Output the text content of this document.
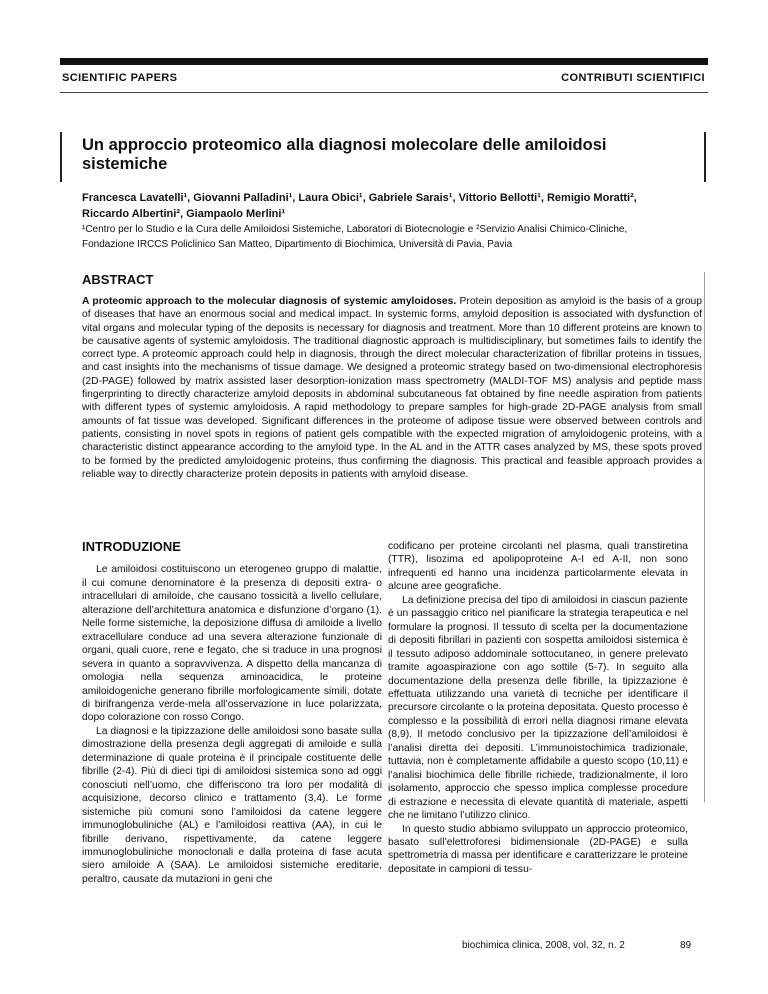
SCIENTIFIC PAPERS	CONTRIBUTI SCIENTIFICI
Un approccio proteomico alla diagnosi molecolare delle amiloidosi sistemiche
Francesca Lavatelli¹, Giovanni Palladini¹, Laura Obici¹, Gabriele Sarais¹, Vittorio Bellotti¹, Remigio Moratti²,
Riccardo Albertini², Giampaolo Merlini¹
¹Centro per lo Studio e la Cura delle Amiloidosi Sistemiche, Laboratori di Biotecnologie e ²Servizio Analisi Chimico-Cliniche,
Fondazione IRCCS Policlinico San Matteo, Dipartimento di Biochimica, Università di Pavia, Pavia
ABSTRACT

A proteomic approach to the molecular diagnosis of systemic amyloidoses. Protein deposition as amyloid is the basis of a group of diseases that have an enormous social and medical impact. In systemic forms, amyloid deposition is associated with dysfunction of vital organs and molecular typing of the deposits is necessary for diagnosis and treatment. More than 10 different proteins are known to be causative agents of systemic amyloidosis. The traditional diagnostic approach is multidisciplinary, but sometimes fails to identify the correct type. A proteomic approach could help in diagnosis, through the direct molecular characterization of fibrillar proteins in tissues, and cast insights into the mechanisms of tissue damage. We designed a proteomic strategy based on two-dimensional electrophoresis (2D-PAGE) followed by matrix assisted laser desorption-ionization mass spectrometry (MALDI-TOF MS) analysis and peptide mass fingerprinting to directly characterize amyloid deposits in abdominal subcutaneous fat obtained by fine needle aspiration from patients with different types of systemic amyloidosis. A rapid methodology to prepare samples for high-grade 2D-PAGE analysis from small amounts of fat tissue was developed. Significant differences in the proteome of adipose tissue were observed between controls and patients, consisting in novel spots in regions of patient gels compatible with the expected migration of amyloidogenic proteins, with a characteristic distinct appearance according to the amyloid type. In the AL and in the ATTR cases analyzed by MS, these spots proved to be formed by the predicted amyloidogenic proteins, thus confirming the diagnosis. This practical and feasible approach provides a reliable way to directly characterize protein deposits in patients with amyloid disease.

INTRODUZIONE

Le amiloidosi costituiscono un eterogeneo gruppo di malattie, il cui comune denominatore è la presenza di depositi extra- o intracellulari di amiloide, che causano tossicità a livello cellulare, alterazione dell’architettura anatomica e disfunzione d’organo (1). Nelle forme sistemiche, la deposizione diffusa di amiloide a livello extracellulare conduce ad una severa alterazione funzionale di organi, quali cuore, rene e fegato, che si traduce in una prognosi severa in quanto a sopravvivenza. A dispetto della mancanza di omologia nella sequenza aminoacidica, le proteine amiloidogeniche generano fibrille morfologicamente simili, dotate di birifrangenza verde-mela all’osservazione in luce polarizzata, dopo colorazione con rosso Congo.

La diagnosi e la tipizzazione delle amiloidosi sono basate sulla dimostrazione della presenza degli aggregati di amiloide e sulla determinazione di quale proteina è il principale costituente delle fibrille (2-4). Più di dieci tipi di amiloidosi sistemica sono ad oggi conosciuti nell’uomo, che differiscono tra loro per modalità di acquisizione, decorso clinico e trattamento (3,4). Le forme sistemiche più comuni sono l’amiloidosi da catene leggere immunoglobuliniche (AL) e l’amiloidosi reattiva (AA), in cui le fibrille derivano, rispettivamente, da catene leggere immunoglobuliniche monoclonali e dalla proteina di fase acuta siero amiloide A (SAA). Le amiloidosi sistemiche ereditarie, peraltro, causate da mutazioni in geni che

codificano per proteine circolanti nel plasma, quali transtiretina (TTR), lisozima ed apolipoproteine A-I ed A-II, non sono infrequenti ed hanno una incidenza particolarmente elevata in alcune aree geografiche.

La definizione precisa del tipo di amiloidosi in ciascun paziente è un passaggio critico nel pianificare la strategia terapeutica e nel formulare la prognosi. Il tessuto di scelta per la documentazione di depositi fibrillari in pazienti con sospetta amiloidosi sistemica è il tessuto adiposo addominale sottocutaneo, in genere prelevato tramite agoaspirazione con ago sottile (5-7). In seguito alla documentazione della presenza delle fibrille, la tipizzazione è effettuata utilizzando una varietà di tecniche per identificare il precursore circolante o la proteina depositata. Questo processo è complesso e la possibilità di errori nella diagnosi rimane elevata (8,9). Il metodo conclusivo per la tipizzazione dell’amiloidosi è l’analisi diretta dei depositi. L’immunoistochimica tradizionale, tuttavia, non è completamente affidabile a questo scopo (10,11) e l’analisi biochimica delle fibrille richiede, tradizionalmente, il loro isolamento, approccio che spesso implica complesse procedure di estrazione e necessita di elevate quantità di materiale, aspetti che ne limitano l’utilizzo clinico.

In questo studio abbiamo sviluppato un approccio proteomico, basato sull’elettroforesi bidimensionale (2D-PAGE) e sulla spettrometria di massa per identificare e caratterizzare le proteine depositate in campioni di tessu-

biochimica clinica, 2008, vol. 32, n. 2	89
